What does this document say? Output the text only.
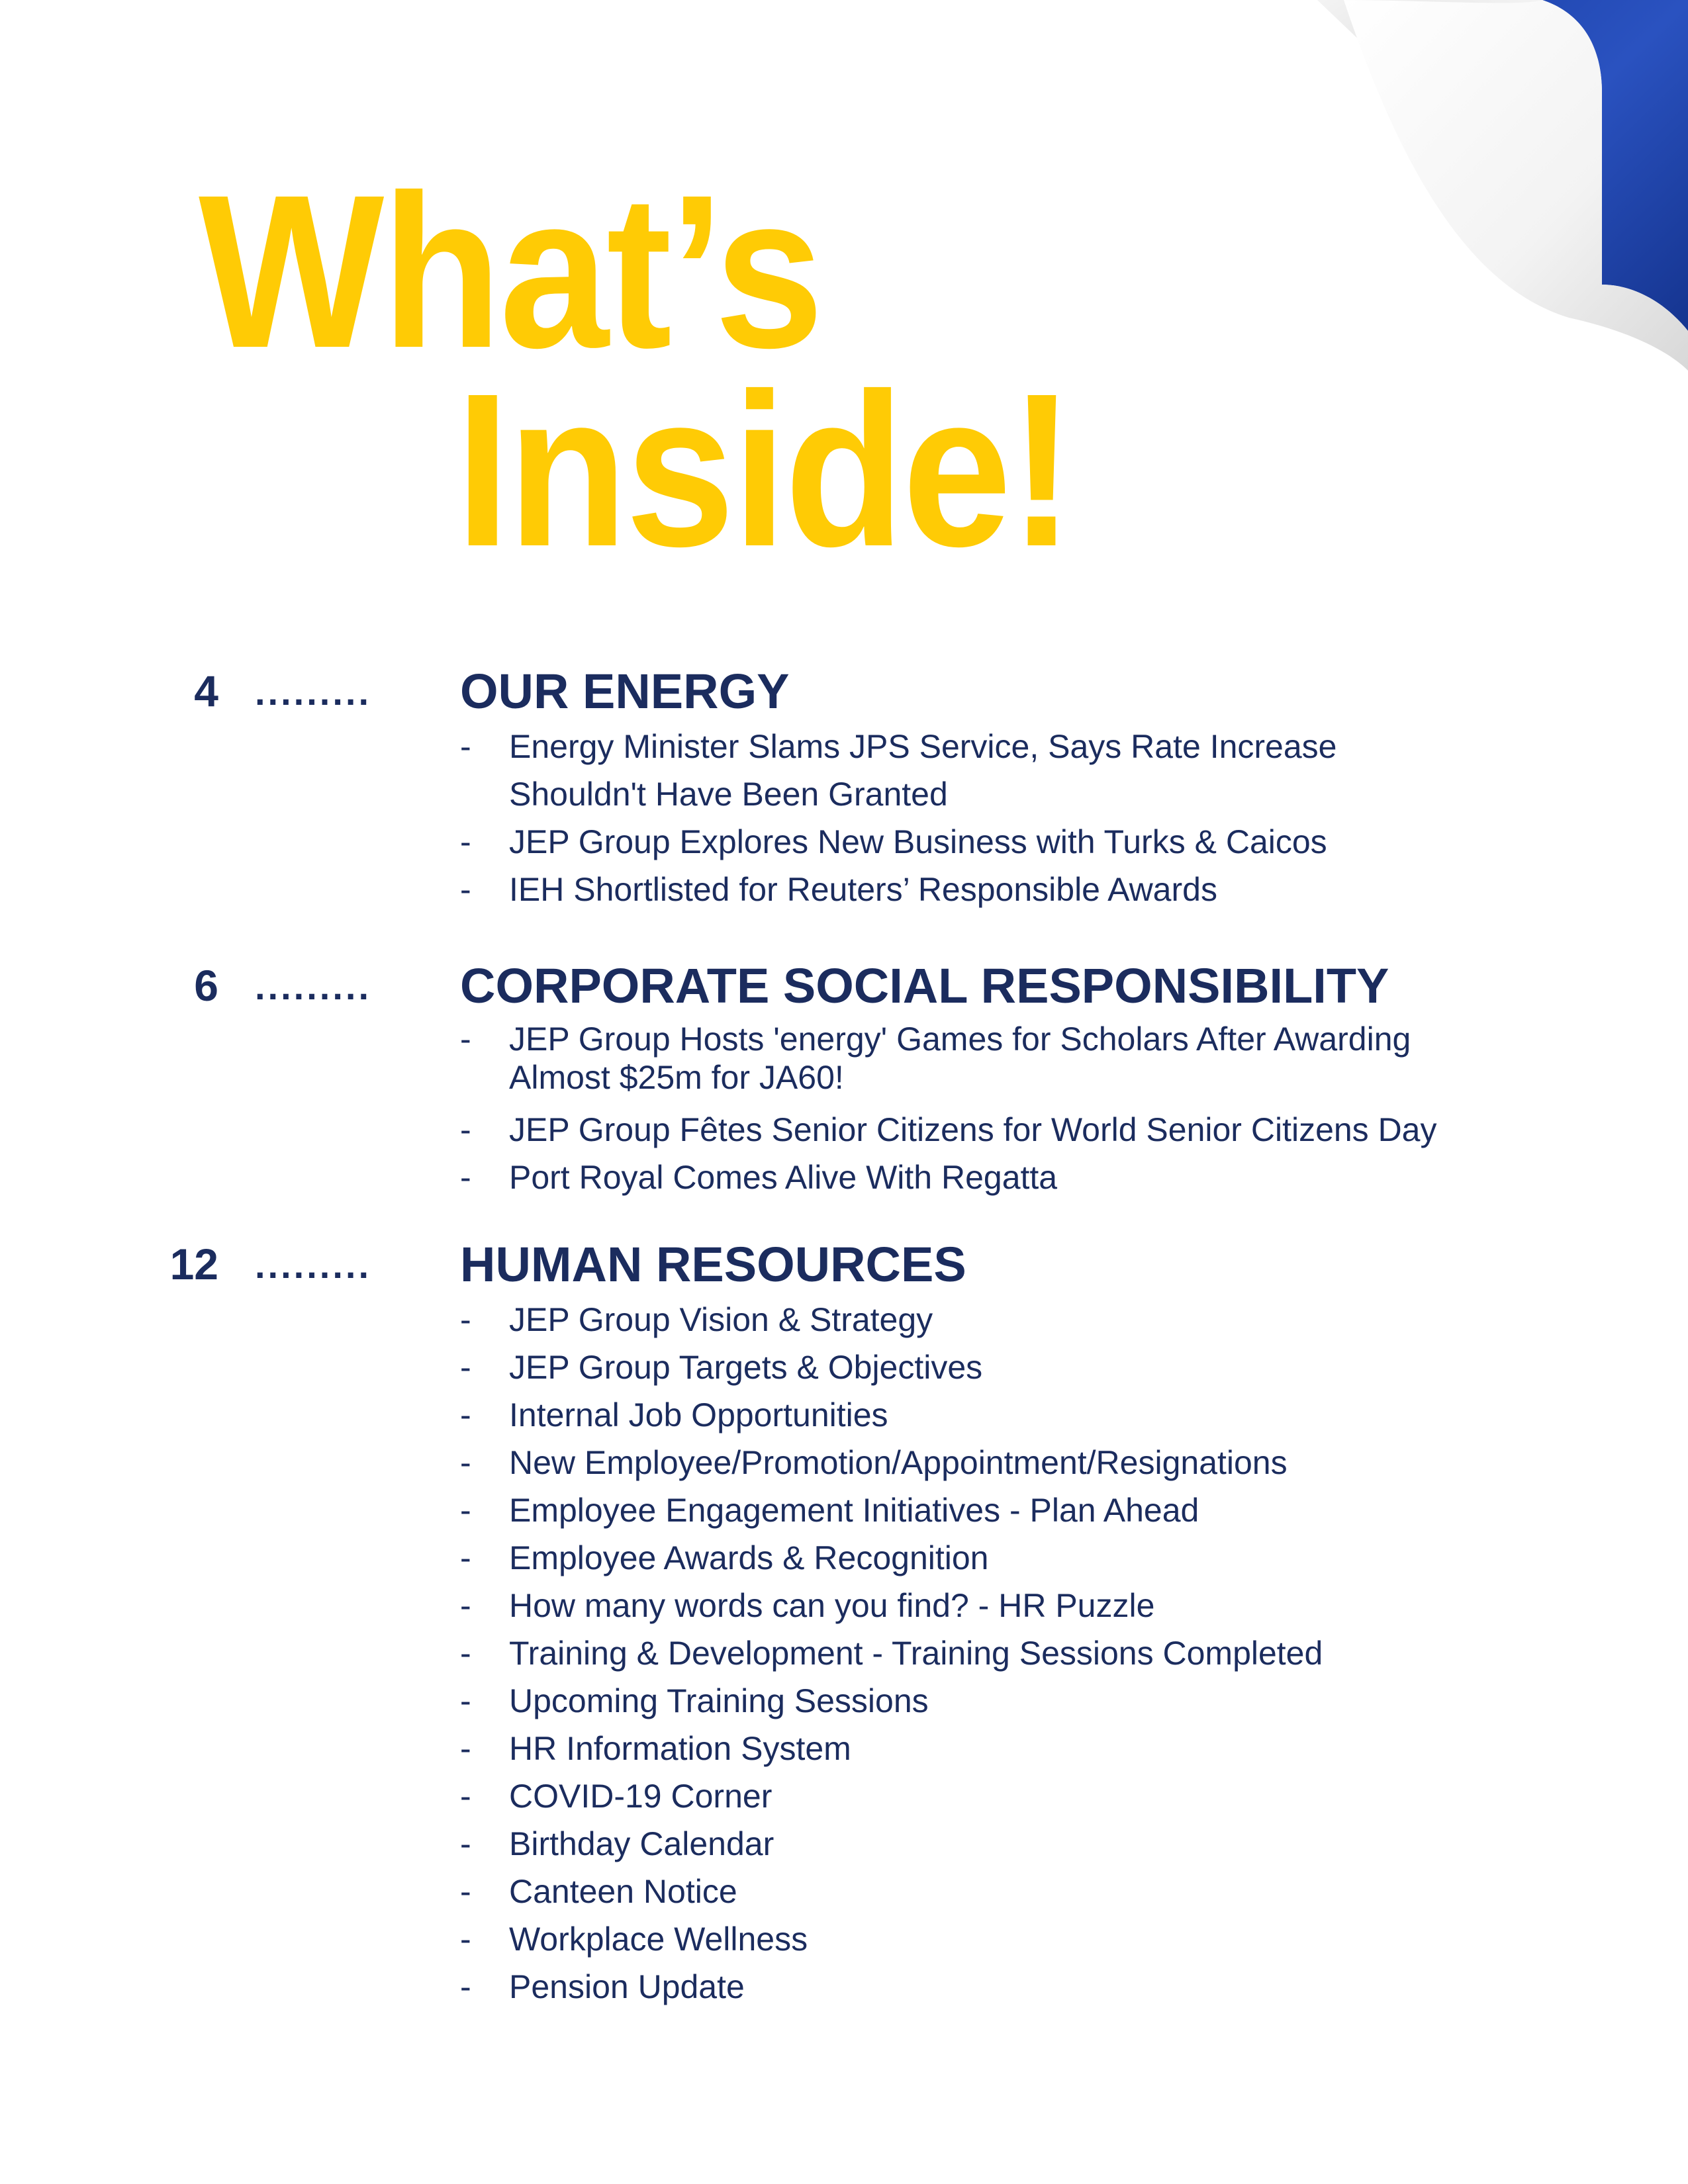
What’s
Inside!
4 ......... OUR ENERGY
- Energy Minister Slams JPS Service, Says Rate Increase
Shouldn't Have Been Granted
- JEP Group Explores New Business with Turks & Caicos
- IEH Shortlisted for Reuters’ Responsible Awards
6 ......... CORPORATE SOCIAL RESPONSIBILITY
- JEP Group Hosts 'energy' Games for Scholars After Awarding
Almost $25m for JA60!
- JEP Group Fêtes Senior Citizens for World Senior Citizens Day
- Port Royal Comes Alive With Regatta
12 ......... HUMAN RESOURCES
- JEP Group Vision & Strategy
- JEP Group Targets & Objectives
- Internal Job Opportunities
- New Employee/Promotion/Appointment/Resignations
- Employee Engagement Initiatives - Plan Ahead
- Employee Awards & Recognition
- How many words can you find? - HR Puzzle
- Training & Development - Training Sessions Completed
- Upcoming Training Sessions
- HR Information System
- COVID-19 Corner
- Birthday Calendar
- Canteen Notice
- Workplace Wellness
- Pension Update
